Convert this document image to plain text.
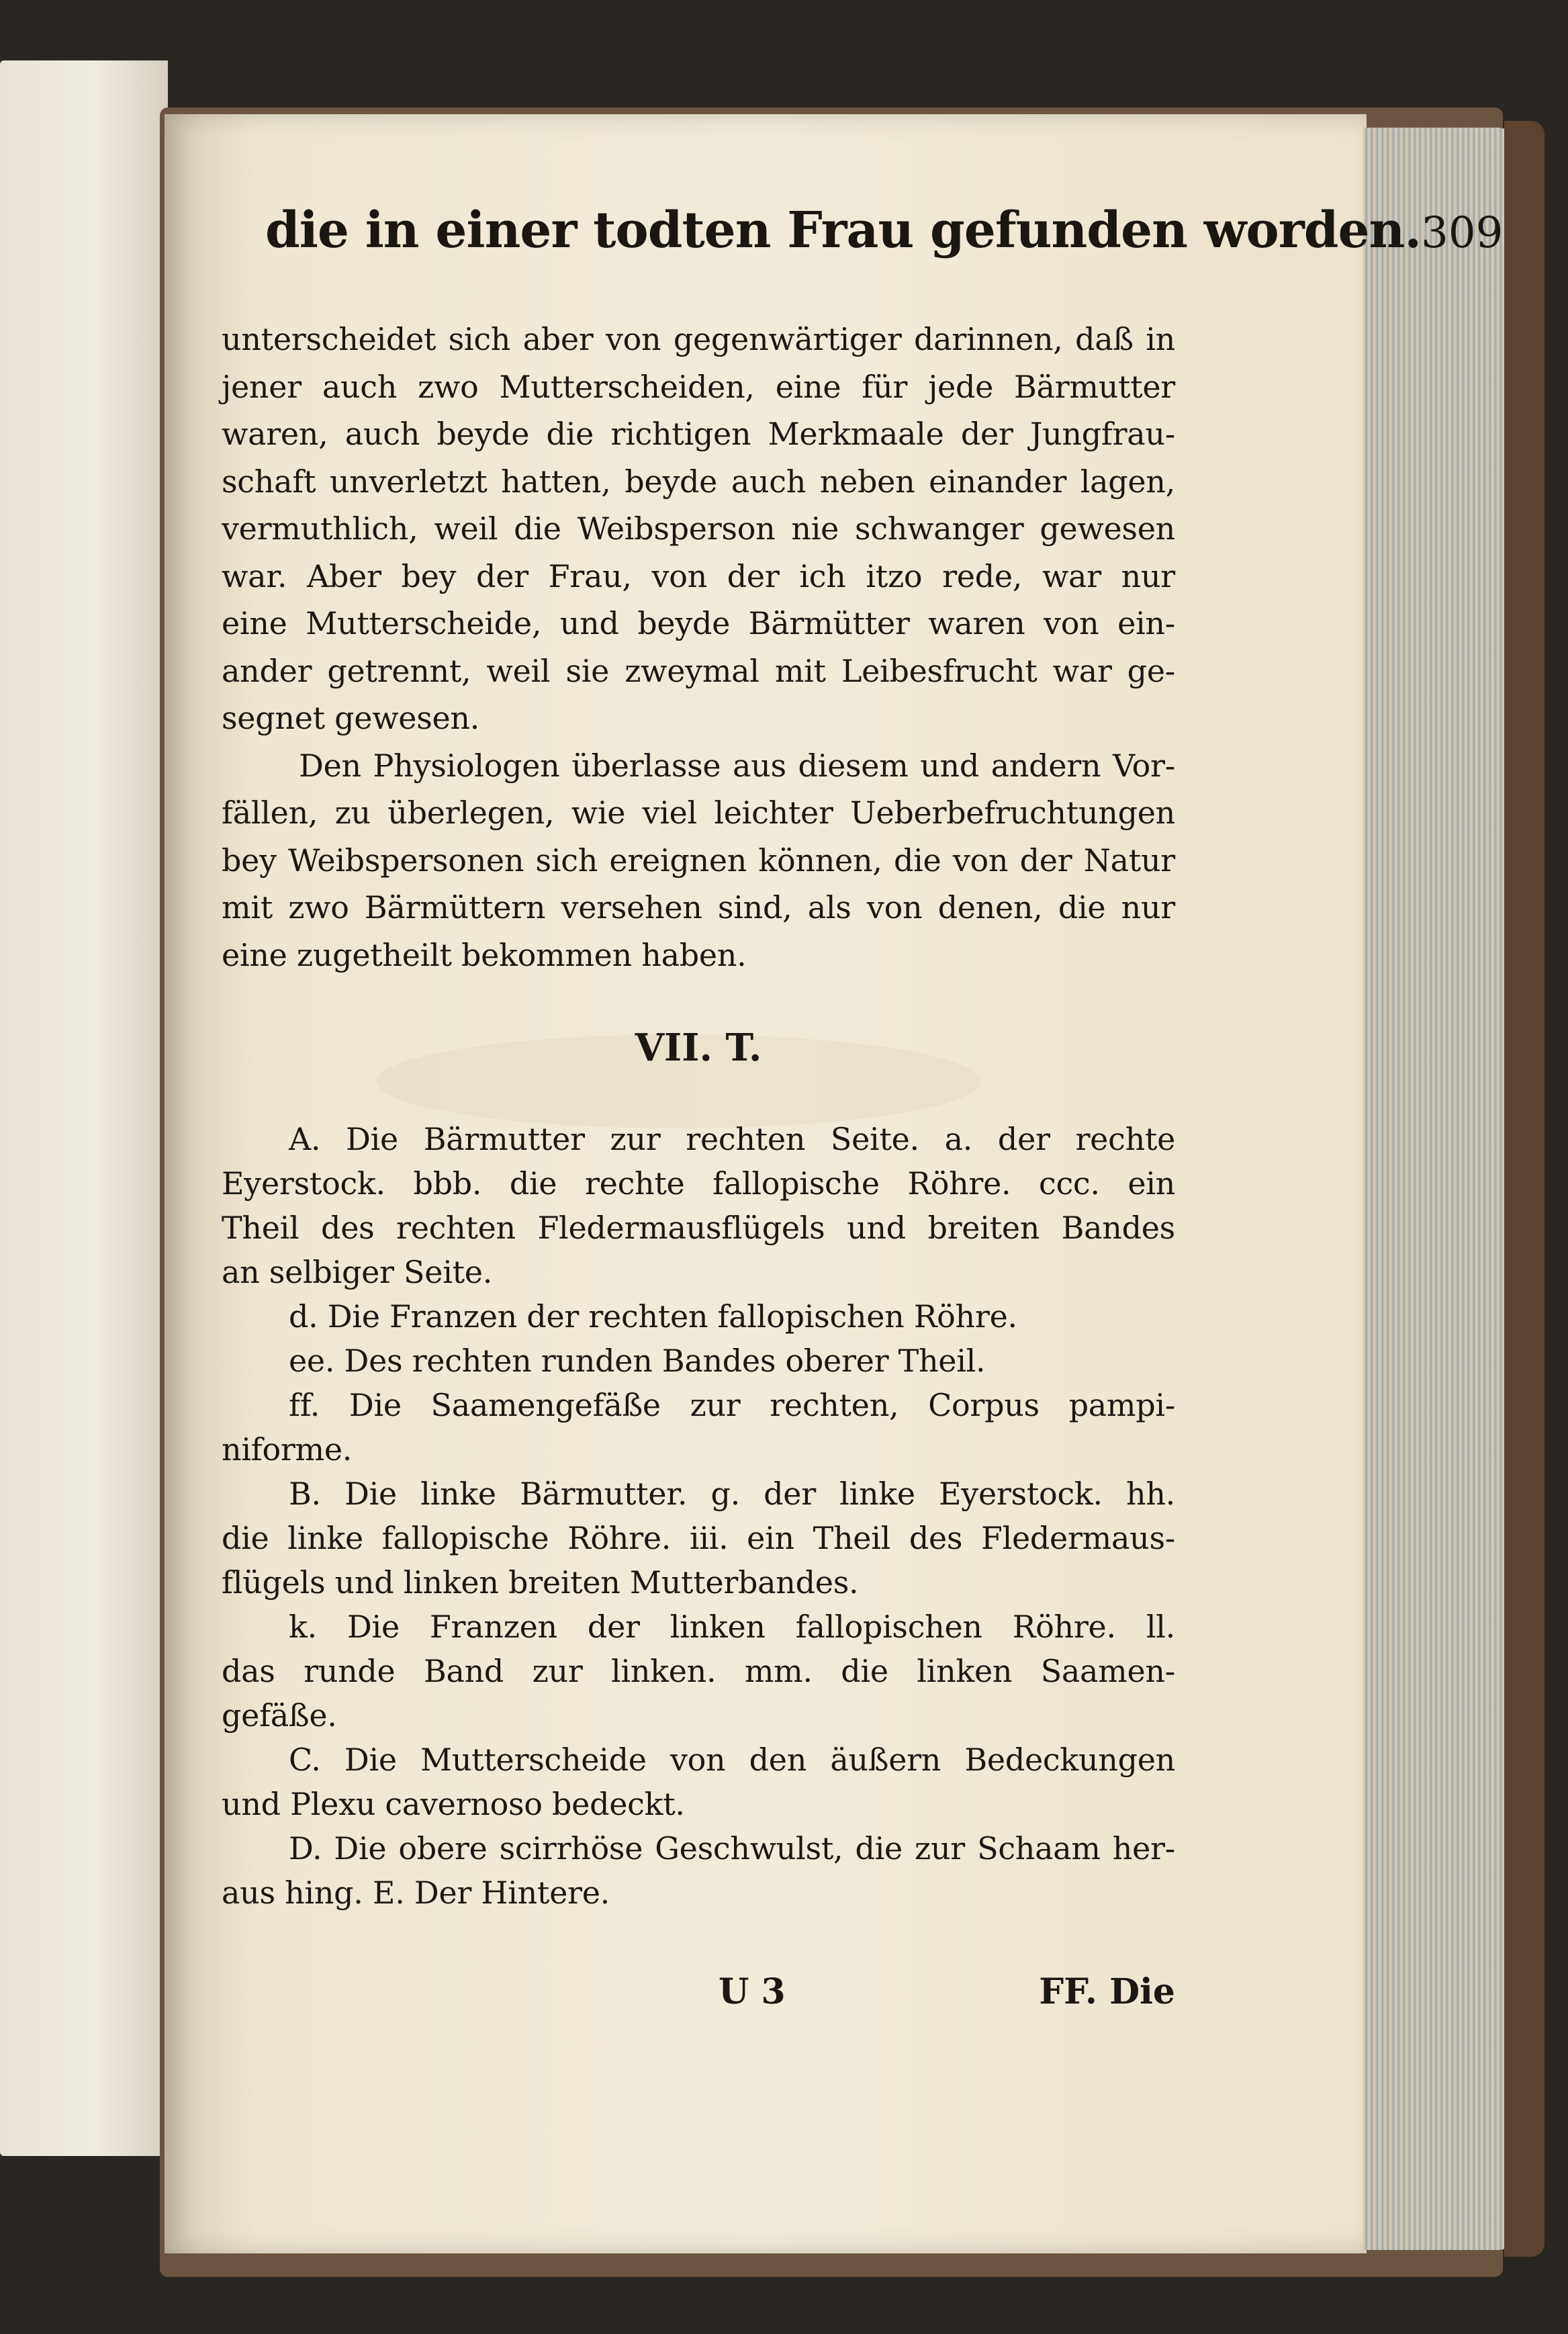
die in einer todten Frau gefunden worden. 309

unterscheidet sich aber von gegenwärtiger darinnen, daß in

jener auch zwo Mutterscheiden, eine für jede Bärmutter

waren, auch beyde die richtigen Merkmaale der Jungfrau-

schaft unverletzt hatten, beyde auch neben einander lagen,

vermuthlich, weil die Weibsperson nie schwanger gewesen

war. Aber bey der Frau, von der ich itzo rede, war nur

eine Mutterscheide, und beyde Bärmütter waren von ein-

ander getrennt, weil sie zweymal mit Leibesfrucht war ge-

segnet gewesen.

Den Physiologen überlasse aus diesem und andern Vor-

fällen, zu überlegen, wie viel leichter Ueberbefruchtungen

bey Weibspersonen sich ereignen können, die von der Natur

mit zwo Bärmüttern versehen sind, als von denen, die nur

eine zugetheilt bekommen haben.

VII. T.

A. Die Bärmutter zur rechten Seite. a. der rechte

Eyerstock. bbb. die rechte fallopische Röhre. ccc. ein

Theil des rechten Fledermausflügels und breiten Bandes

an selbiger Seite.

d. Die Franzen der rechten fallopischen Röhre.

ee. Des rechten runden Bandes oberer Theil.

ff. Die Saamengefäße zur rechten, Corpus pampi-

niforme.

B. Die linke Bärmutter. g. der linke Eyerstock. hh.

die linke fallopische Röhre. iii. ein Theil des Fledermaus-

flügels und linken breiten Mutterbandes.

k. Die Franzen der linken fallopischen Röhre. ll.

das runde Band zur linken. mm. die linken Saamen-

gefäße.

C. Die Mutterscheide von den äußern Bedeckungen

und Plexu cavernoso bedeckt.

D. Die obere scirrhöse Geschwulst, die zur Schaam her-

aus hing. E. Der Hintere.

U 3	FF. Die
